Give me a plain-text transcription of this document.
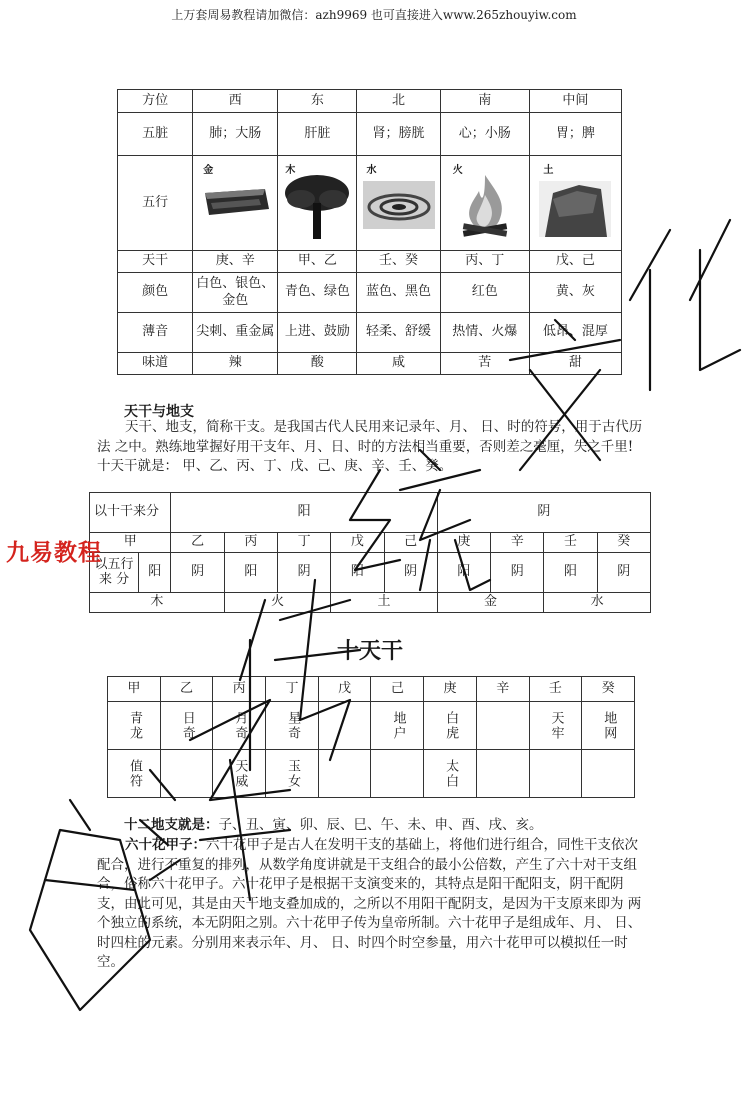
上万套周易教程请加微信：azh9969 也可直接进入www.265zhouyiw.com
方位	西	东	北	南	中间
五脏	肺；大肠	肝脏	肾；膀胱	心；小肠	胃；脾
五行	金	木	水	火	土

天干	庚、辛	甲、乙	壬、癸	丙、丁	戊、己
颜色	白色、银色、金色	青色、绿色	蓝色、黑色	红色	黄、灰
薄音	尖刺、重金属	上进、鼓励	轻柔、舒缓	热情、火爆	低昂、混厚
味道	辣	酸	咸	苦	甜
天干与地支
天干、地支，简称干支。是我国古代人民用来记录年、月、 日、时的符号，用于古代历法 之中。熟练地掌握好用干支年、月、日、时的方法相当重要，否则差之毫厘，失之千里! 十天干就是： 甲、乙、丙、丁、戊、己、庚、辛、壬、癸。
以十干来分		阳					阴			
甲		乙	丙	丁	戊	己	庚	辛	壬	癸
以五行来 分	阳	阴	阳	阴	阳	阴	阳	阴	阳	阴
木			火		土		金		水	
九易教程
十天干
甲	乙	丙	丁	戊	己	庚	辛	壬	癸
青龙	日奇	月奇	星奇		地户	白虎		天牢	地网
值符		天威	玉女			太白			
十二地支就是：子、丑、寅、卯、辰、巳、午、未、申、酉、戌、亥。
六十花甲子：六十花甲子是古人在发明干支的基础上，将他们进行组合，同性干支依次配合，进行不重复的排列，从数学角度讲就是干支组合的最小公倍数，产生了六十对干支组合，俗称六十花甲子。六十花甲子是根据干支演变来的，其特点是阳干配阳支，阴干配阴支，由此可见，其是由天干地支叠加成的，之所以不用阳干配阴支，是因为干支原来即为 两个独立的系统，本无阴阳之别。六十花甲子传为皇帝所制。六十花甲子是组成年、月、 日、时四柱的元素。分别用来表示年、月、 日、时四个时空参量，用六十花甲可以模拟任一时空。
